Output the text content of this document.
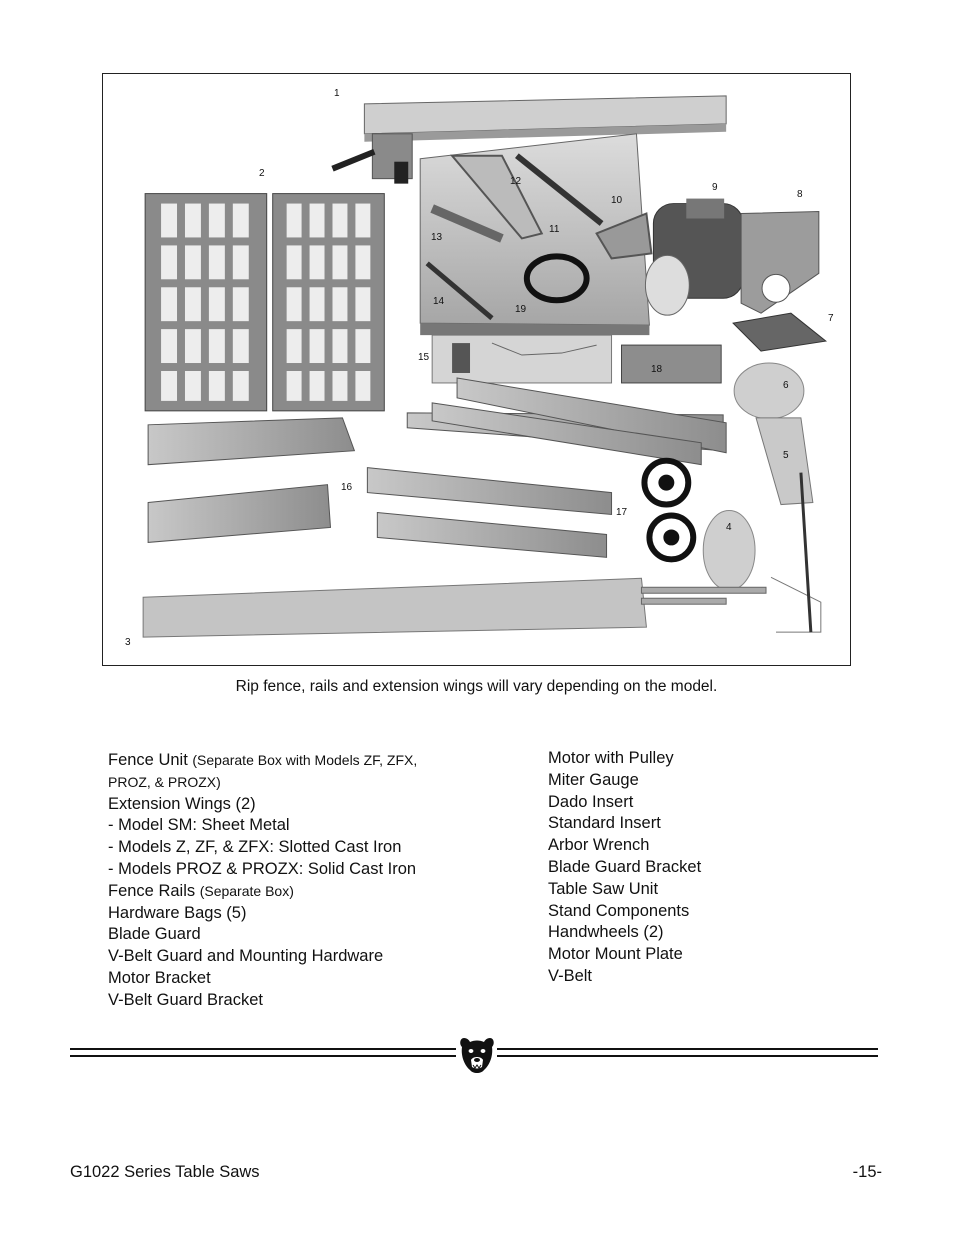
1
2
3
4
5
6
7
8
9
10
11
12
13
14
15
16
17
18
19
Rip fence, rails and extension wings will vary depending on the model.
Fence Unit (Separate Box with Models ZF, ZFX,
PROZ, & PROZX)
Extension Wings (2)
- Model SM: Sheet Metal
- Models Z, ZF, & ZFX: Slotted Cast Iron
- Models PROZ & PROZX: Solid Cast Iron
Fence Rails (Separate Box)
Hardware Bags (5)
Blade Guard
V-Belt Guard and Mounting Hardware
Motor Bracket
V-Belt Guard Bracket
Motor with Pulley
Miter Gauge
Dado Insert
Standard Insert
Arbor Wrench
Blade Guard Bracket
Table Saw Unit
Stand Components
Handwheels (2)
Motor Mount Plate
V-Belt
G1022 Series Table Saws	-15-
